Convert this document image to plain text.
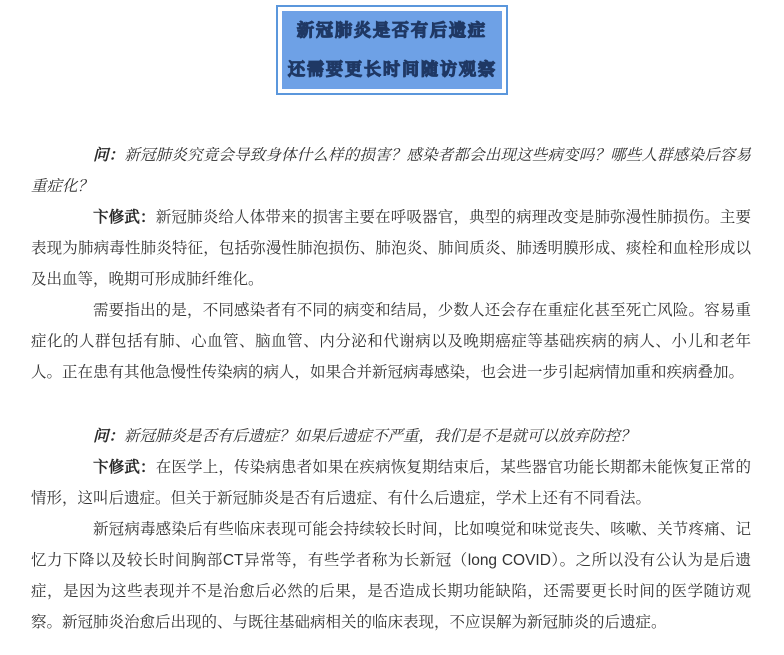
新冠肺炎是否有后遗症
还需要更长时间随访观察

问：新冠肺炎究竟会导致身体什么样的损害？感染者都会出现这些病变吗？哪些人群感染后容易重症化？

卞修武：新冠肺炎给人体带来的损害主要在呼吸器官，典型的病理改变是肺弥漫性肺损伤。主要表现为肺病毒性肺炎特征，包括弥漫性肺泡损伤、肺泡炎、肺间质炎、肺透明膜形成、痰栓和血栓形成以及出血等，晚期可形成肺纤维化。

需要指出的是，不同感染者有不同的病变和结局，少数人还会存在重症化甚至死亡风险。容易重症化的人群包括有肺、心血管、脑血管、内分泌和代谢病以及晚期癌症等基础疾病的病人、小儿和老年人。正在患有其他急慢性传染病的病人，如果合并新冠病毒感染，也会进一步引起病情加重和疾病叠加。

问：新冠肺炎是否有后遗症？如果后遗症不严重，我们是不是就可以放弃防控？

卞修武：在医学上，传染病患者如果在疾病恢复期结束后，某些器官功能长期都未能恢复正常的情形，这叫后遗症。但关于新冠肺炎是否有后遗症、有什么后遗症，学术上还有不同看法。

新冠病毒感染后有些临床表现可能会持续较长时间，比如嗅觉和味觉丧失、咳嗽、关节疼痛、记忆力下降以及较长时间胸部CT异常等，有些学者称为长新冠（long COVID）。之所以没有公认为是后遗症，是因为这些表现并不是治愈后必然的后果，是否造成长期功能缺陷，还需要更长时间的医学随访观察。新冠肺炎治愈后出现的、与既往基础病相关的临床表现，不应误解为新冠肺炎的后遗症。
